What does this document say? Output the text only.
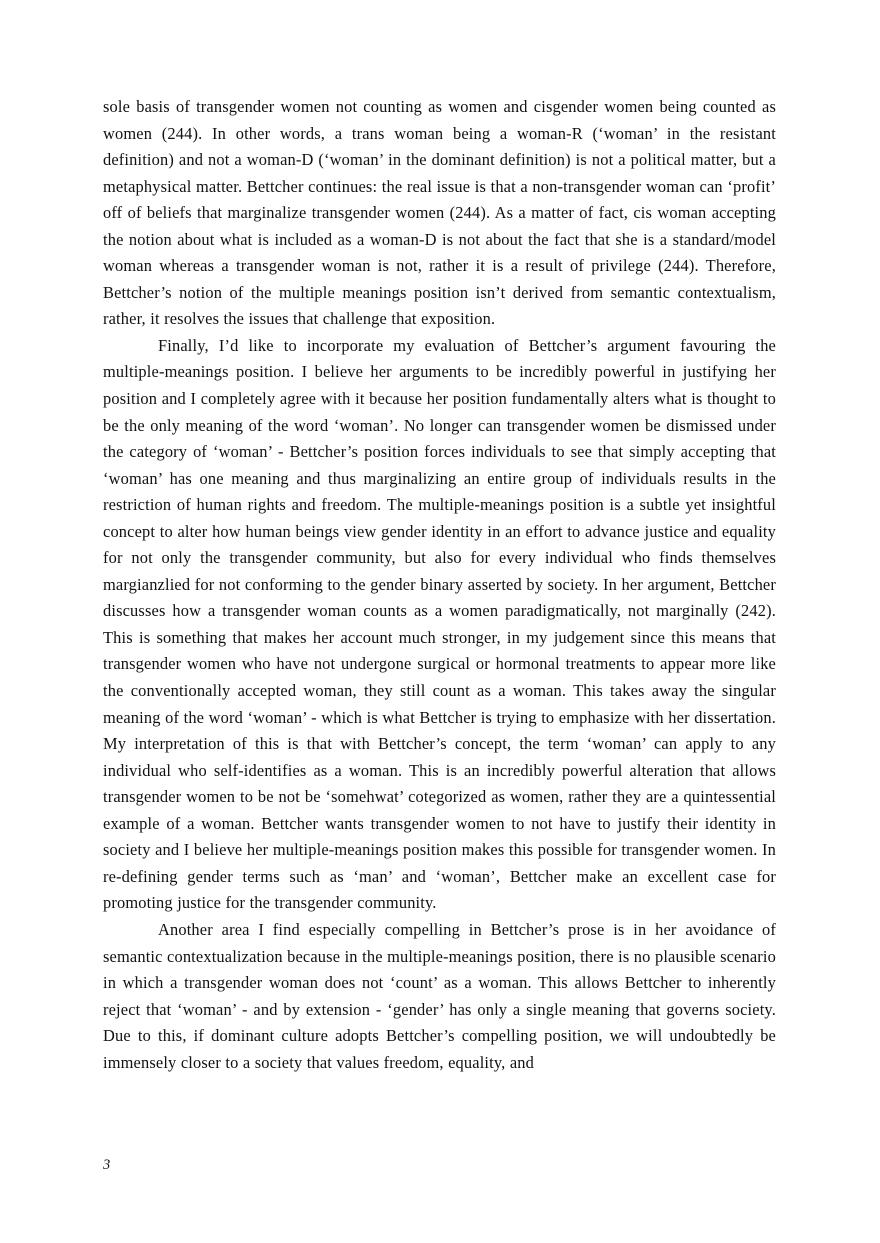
sole basis of transgender women not counting as women and cisgender women being counted as women (244). In other words, a trans woman being a woman-R (‘woman’ in the resistant definition) and not a woman-D (‘woman’ in the dominant definition) is not a political matter, but a metaphysical matter. Bettcher continues: the real issue is that a non-transgender woman can ‘profit’ off of beliefs that marginalize transgender women (244). As a matter of fact, cis woman accepting the notion about what is included as a woman-D is not about the fact that she is a standard/model woman whereas a transgender woman is not, rather it is a result of privilege (244). Therefore, Bettcher’s notion of the multiple meanings position isn’t derived from semantic contextualism, rather, it resolves the issues that challenge that exposition.

Finally, I’d like to incorporate my evaluation of Bettcher’s argument favouring the multiple-meanings position. I believe her arguments to be incredibly powerful in justifying her position and I completely agree with it because her position fundamentally alters what is thought to be the only meaning of the word ‘woman’. No longer can transgender women be dismissed under the category of ‘woman’ - Bettcher’s position forces individuals to see that simply accepting that ‘woman’ has one meaning and thus marginalizing an entire group of individuals results in the restriction of human rights and freedom. The multiple-meanings position is a subtle yet insightful concept to alter how human beings view gender identity in an effort to advance justice and equality for not only the transgender community, but also for every individual who finds themselves margianzlied for not conforming to the gender binary asserted by society. In her argument, Bettcher discusses how a transgender woman counts as a women paradigmatically, not marginally (242). This is something that makes her account much stronger, in my judgement since this means that transgender women who have not undergone surgical or hormonal treatments to appear more like the conventionally accepted woman, they still count as a woman. This takes away the singular meaning of the word ‘woman’ - which is what Bettcher is trying to emphasize with her dissertation. My interpretation of this is that with Bettcher’s concept, the term ‘woman’ can apply to any individual who self-identifies as a woman. This is an incredibly powerful alteration that allows transgender women to be not be ‘somehwat’ cotegorized as women, rather they are a quintessential example of a woman. Bettcher wants transgender women to not have to justify their identity in society and I believe her multiple-meanings position makes this possible for transgender women. In re-defining gender terms such as ‘man’ and ‘woman’, Bettcher make an excellent case for promoting justice for the transgender community.

Another area I find especially compelling in Bettcher’s prose is in her avoidance of semantic contextualization because in the multiple-meanings position, there is no plausible scenario in which a transgender woman does not ‘count’ as a woman. This allows Bettcher to inherently reject that ‘woman’ - and by extension - ‘gender’ has only a single meaning that governs society. Due to this, if dominant culture adopts Bettcher’s compelling position, we will undoubtedly be immensely closer to a society that values freedom, equality, and

3
